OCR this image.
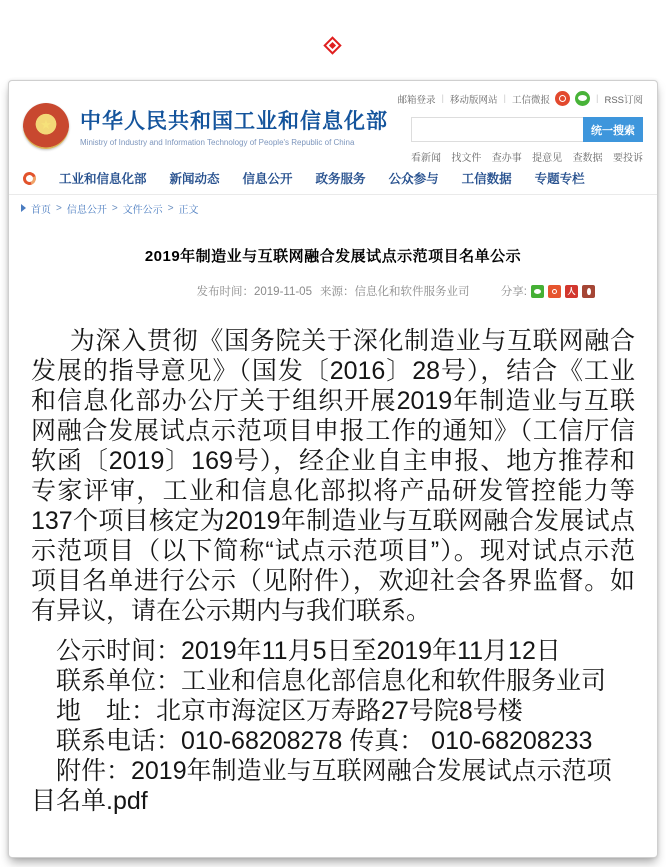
邮箱登录 | 移动版网站 | 工信微报	| RSS订阅
★ 中华人民共和国工业和信息化部
Ministry of Industry and Information Technology of People's Republic of China
统一搜索
看新闻 找文件 查办事 提意见 查数据 要投诉
工业和信息化部 新闻动态 信息公开 政务服务 公众参与 工信数据 专题专栏
首页 > 信息公开 > 文件公示 > 正文
2019年制造业与互联网融合发展试点示范项目名单公示
发布时间：2019-11-05 来源：信息化和软件服务业司	分享:	人

为深入贯彻《国务院关于深化制造业与互联网融合发展的指导意见》（国发〔2016〕28号），结合《工业和信息化部办公厅关于组织开展2019年制造业与互联网融合发展试点示范项目申报工作的通知》（工信厅信软函〔2019〕169号），经企业自主申报、地方推荐和专家评审，工业和信息化部拟将产品研发管控能力等137个项目核定为2019年制造业与互联网融合发展试点示范项目（以下简称“试点示范项目”）。现对试点示范项目名单进行公示（见附件），欢迎社会各界监督。如有异议，请在公示期内与我们联系。

公示时间：2019年11月5日至2019年11月12日
联系单位：工业和信息化部信息化和软件服务业司
地　址：北京市海淀区万寿路27号院8号楼
联系电话：010-68208278 传真： 010-68208233
附件：2019年制造业与互联网融合发展试点示范项目名单.pdf
